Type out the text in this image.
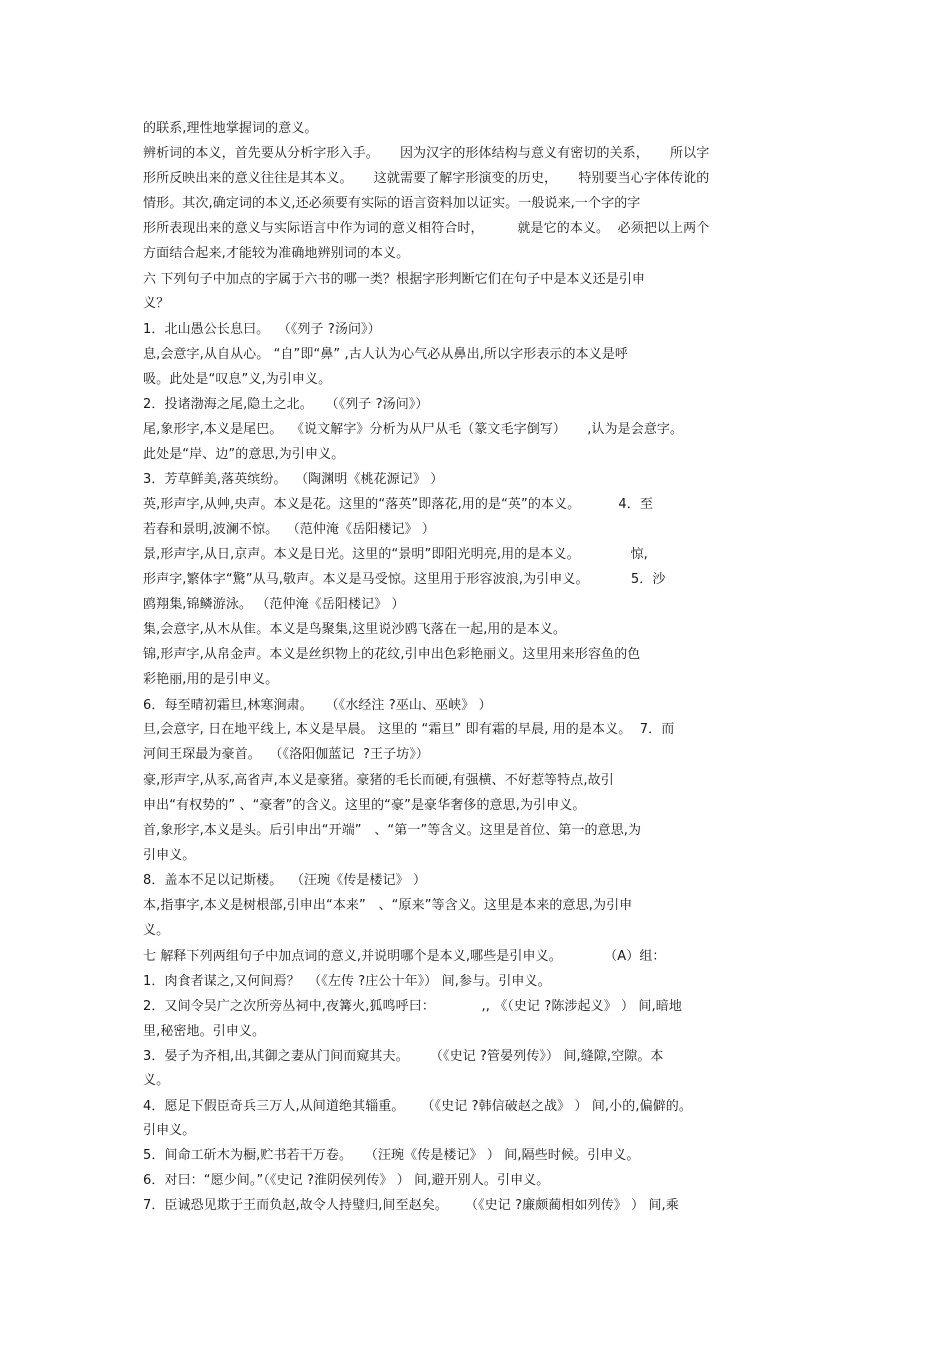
的联系,理性地掌握词的意义。
辨析词的本义，首先要从分析字形入手。     因为汉字的形体结构与意义有密切的关系，     所以字
形所反映出来的意义往往是其本义。     这就需要了解字形演变的历史，     特别要当心字体传讹的
情形。其次,确定词的本义,还必须要有实际的语言资料加以证实。一般说来,一个字的字
形所表现出来的意义与实际语言中作为词的意义相符合时，        就是它的本义。  必须把以上两个
方面结合起来,才能较为准确地辨别词的本义。
六 下列句子中加点的字属于六书的哪一类？根据字形判断它们在句子中是本义还是引申
义？
1．北山愚公长息曰。  （《列子 ?汤问》）
息,会意字,从自从心。 “自”即“鼻” ,古人认为心气必从鼻出,所以字形表示的本义是呼
吸。此处是“叹息”义,为引申义。
2．投诸渤海之尾,隐土之北。   （《列子 ?汤问》）
尾,象形字,本义是尾巴。  《说文解字》分析为从尸从毛（篆文毛字倒写）     ,认为是会意字。
此处是“岸、边”的意思,为引申义。
3．芳草鲜美,落英缤纷。  （陶渊明《桃花源记》 ）
英,形声字,从艸,央声。本义是花。这里的“落英”即落花,用的是“英”的本义。         4．至
若春和景明,波澜不惊。  （范仲淹《岳阳楼记》 ）
景,形声字,从日,京声。本义是日光。这里的“景明”即阳光明亮,用的是本义。            惊,
形声字,繁体字“驚”从马,敬声。本义是马受惊。这里用于形容波浪,为引申义。          5．沙
鸥翔集,锦鳞游泳。 （范仲淹《岳阳楼记》 ）
集,会意字,从木从隹。本义是鸟聚集,这里说沙鸥飞落在一起,用的是本义。
锦,形声字,从帛金声。本义是丝织物上的花纹,引申出色彩艳丽义。这里用来形容鱼的色
彩艳丽,用的是引申义。
6．每至晴初霜旦,林寒涧肃。   （《水经注 ?巫山、巫峡》 ）
旦,会意字, 日在地平线上, 本义是早晨。 这里的 “霜旦” 即有霜的早晨, 用的是本义。  7．而
河间王琛最为豪首。  （《洛阳伽蓝记  ?王子坊》）
豪,形声字,从豕,高省声,本义是豪猪。豪猪的毛长而硬,有强横、不好惹等特点,故引
申出“有权势的” 、“豪奢”的含义。这里的“豪”是豪华奢侈的意思,为引申义。
首,象形字,本义是头。后引申出“开端”   、“第一”等含义。这里是首位、第一的意思,为
引申义。
8．盖本不足以记斯楼。  （汪琬《传是楼记》 ）
本,指事字,本义是树根部,引申出“本来”   、“原来”等含义。这里是本来的意思,为引申
义。
七 解释下列两组句子中加点词的意义,并说明哪个是本义,哪些是引申义。          （A）组：
1．肉食者谋之,又何间焉？  （《左传 ?庄公十年》） 间,参与。引申义。
2．又间令吴广之次所旁丛祠中,夜篝火,狐鸣呼曰：           ,, 《（史记 ?陈涉起义》 ） 间,暗地
里,秘密地。引申义。
3．晏子为齐相,出,其御之妻从门间而窥其夫。     （《史记 ?管晏列传》） 间,缝隙,空隙。本
义。
4．愿足下假臣奇兵三万人,从间道绝其辎重。    （《史记 ?韩信破赵之战》 ） 间,小的,偏僻的。
引申义。
5．间命工斫木为橱,贮书若干万卷。   （汪琬《传是楼记》 ） 间,隔些时候。引申义。
6．对曰：“愿少间。”（《史记 ?淮阴侯列传》 ） 间,避开别人。引申义。
7．臣诚恐见欺于王而负赵,故令人持璧归,间至赵矣。    （《史记 ?廉颇蔺相如列传》 ） 间,乘
